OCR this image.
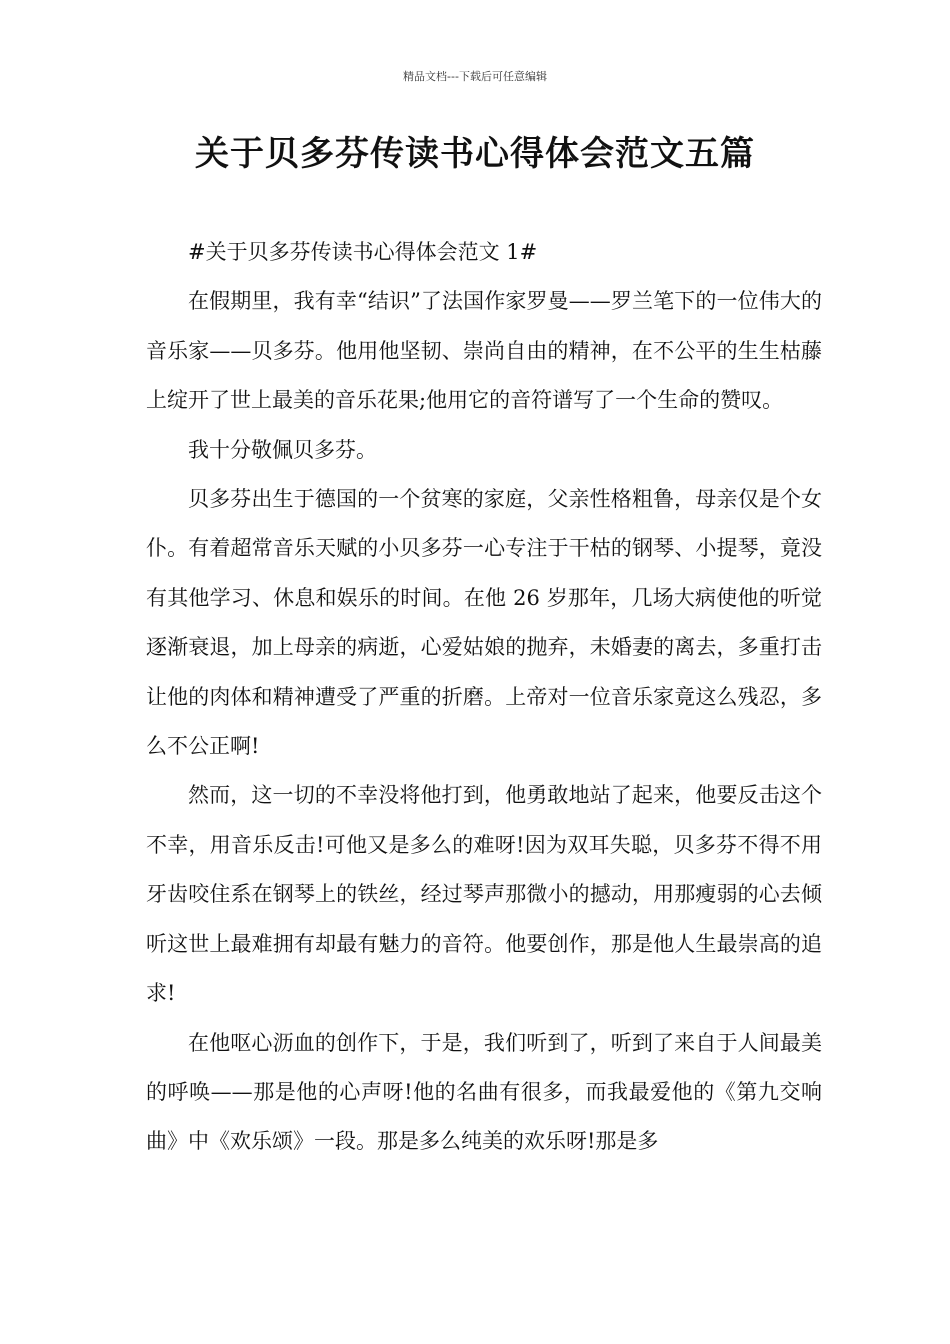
精品文档---下载后可任意编辑
关于贝多芬传读书心得体会范文五篇

#关于贝多芬传读书心得体会范文 1#

在假期里，我有幸“结识”了法国作家罗曼——罗兰笔下的一位伟大的音乐家——贝多芬。他用他坚韧、崇尚自由的精神，在不公平的生生枯藤上绽开了世上最美的音乐花果;他用它的音符谱写了一个生命的赞叹。

我十分敬佩贝多芬。

贝多芬出生于德国的一个贫寒的家庭，父亲性格粗鲁，母亲仅是个女仆。有着超常音乐天赋的小贝多芬一心专注于干枯的钢琴、小提琴，竟没有其他学习、休息和娱乐的时间。在他 26 岁那年，几场大病使他的听觉逐渐衰退，加上母亲的病逝，心爱姑娘的抛弃，未婚妻的离去，多重打击让他的肉体和精神遭受了严重的折磨。上帝对一位音乐家竟这么残忍，多么不公正啊!

然而，这一切的不幸没将他打到，他勇敢地站了起来，他要反击这个不幸，用音乐反击!可他又是多么的难呀!因为双耳失聪，贝多芬不得不用牙齿咬住系在钢琴上的铁丝，经过琴声那微小的撼动，用那瘦弱的心去倾听这世上最难拥有却最有魅力的音符。他要创作，那是他人生最崇高的追求!

在他呕心沥血的创作下，于是，我们听到了，听到了来自于人间最美的呼唤——那是他的心声呀!他的名曲有很多，而我最爱他的《第九交响曲》中《欢乐颂》一段。那是多么纯美的欢乐呀!那是多
